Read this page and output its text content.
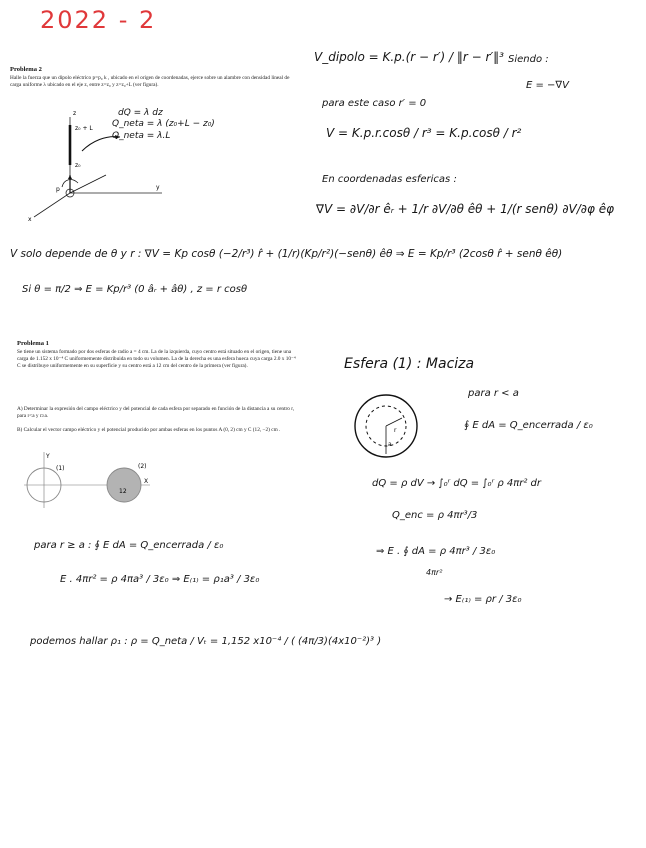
2022 - 2
Problema 2
Halle la fuerza que un dipolo eléctrico p=p₀ k , ubicado en el origen de coordenadas, ejerce sobre un alambre con densidad lineal de carga uniforme λ ubicado en el eje z, entre z=z₀ y z=z₀+L (ver figura).
z
z₀ + L
z₀
p	y
x
dQ = λ dz
Q_neta = λ (z₀+L − z₀)
Q_neta = λ.L
V_dipolo = K.p.(r − r′) / ‖r − r′‖³ Siendo :
E = −∇V
para este caso r′ = 0
V = K.p.r.cosθ / r³ = K.p.cosθ / r²
En coordenadas esfericas :
∇V = ∂V/∂r êᵣ + 1/r ∂V/∂θ êθ + 1/(r senθ) ∂V/∂φ êφ
V solo depende de θ y r : ∇V = Kp cosθ (−2/r³) r̂ + (1/r)(Kp/r²)(−senθ) êθ ⇒ E = Kp/r³ (2cosθ r̂ + senθ êθ)
Si θ = π/2 ⇒ E = Kp/r³ (0 âᵣ + âθ) , z = r cosθ
Problema 1
Se tiene un sistema formado por dos esferas de radio a = 4 cm. La de la izquierda, cuyo centro está situado en el origen, tiene una carga de 1.152 x 10⁻⁴ C uniformemente distribuida en todo su volumen. La de la derecha es una esfera hueca cuya carga 2.0 x 10⁻⁴ C se distribuye uniformemente en su superficie y su centro está a 12 cm del centro de la primera (ver figura).
A) Determinar la expresión del campo eléctrico y del potencial de cada esfera por separado en función de la distancia a su centro r, para r<a y r≥a.
B) Calcular el vector campo eléctrico y el potencial producido por ambas esferas en los puntos A (0, 2) cm y C (12, −2) cm .
Y
X
(1)	(2)
12
Esfera (1) : Maciza
para r < a
r
a
∮ E dA = Q_encerrada / ε₀
dQ = ρ dV → ∫₀ʳ dQ = ∫₀ʳ ρ 4πr² dr
Q_enc = ρ 4πr³/3
⇒ E . ∮ dA = ρ 4πr³ / 3ε₀
4πr²
→ E₍₁₎ = ρr / 3ε₀
para r ≥ a : ∮ E dA = Q_encerrada / ε₀
E . 4πr² = ρ 4πa³ / 3ε₀ ⇒ E₍₁₎ = ρ₁a³ / 3ε₀
podemos hallar ρ₁ : ρ = Q_neta / Vₜ = 1,152 x10⁻⁴ / ( (4π/3)(4x10⁻²)³ )
